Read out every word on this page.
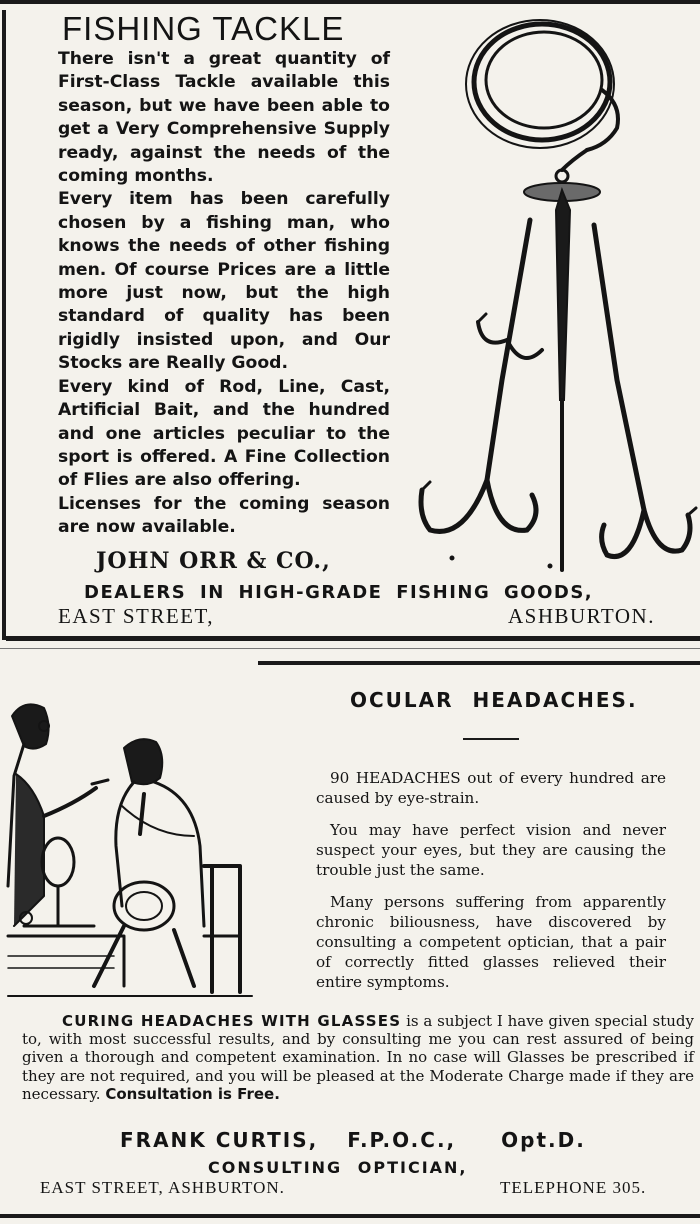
FISHING TACKLE

There isn't a great quantity of First-Class Tackle available this season, but we have been able to get a Very Comprehensive Supply ready, against the needs of the coming months.

Every item has been carefully chosen by a fishing man, who knows the needs of other fishing men. Of course Prices are a little more just now, but the high standard of quality has been rigidly insisted upon, and Our Stocks are Really Good.

Every kind of Rod, Line, Cast, Artificial Bait, and the hundred and one articles peculiar to the sport is offered. A Fine Collection of Flies are also offering.

Licenses for the coming season are now available.

JOHN ORR & CO.,
DEALERS IN HIGH-GRADE FISHING GOODS,
EAST STREET,	ASHBURTON.
OCULAR HEADACHES.

90 HEADACHES out of every hundred are caused by eye-strain.

You may have perfect vision and never suspect your eyes, but they are causing the trouble just the same.

Many persons suffering from apparently chronic biliousness, have discovered by consulting a competent optician, that a pair of correctly fitted glasses relieved their entire symptoms.

CURING HEADACHES WITH GLASSES is a subject I have given special study to, with most successful results, and by consulting me you can rest assured of being given a thorough and competent examination. In no case will Glasses be prescribed if they are not required, and you will be pleased at the Moderate Charge made if they are necessary. Consultation is Free.
FRANK CURTIS, F.P.O.C., Opt.D.
CONSULTING OPTICIAN,
EAST STREET, ASHBURTON.	TELEPHONE 305.
